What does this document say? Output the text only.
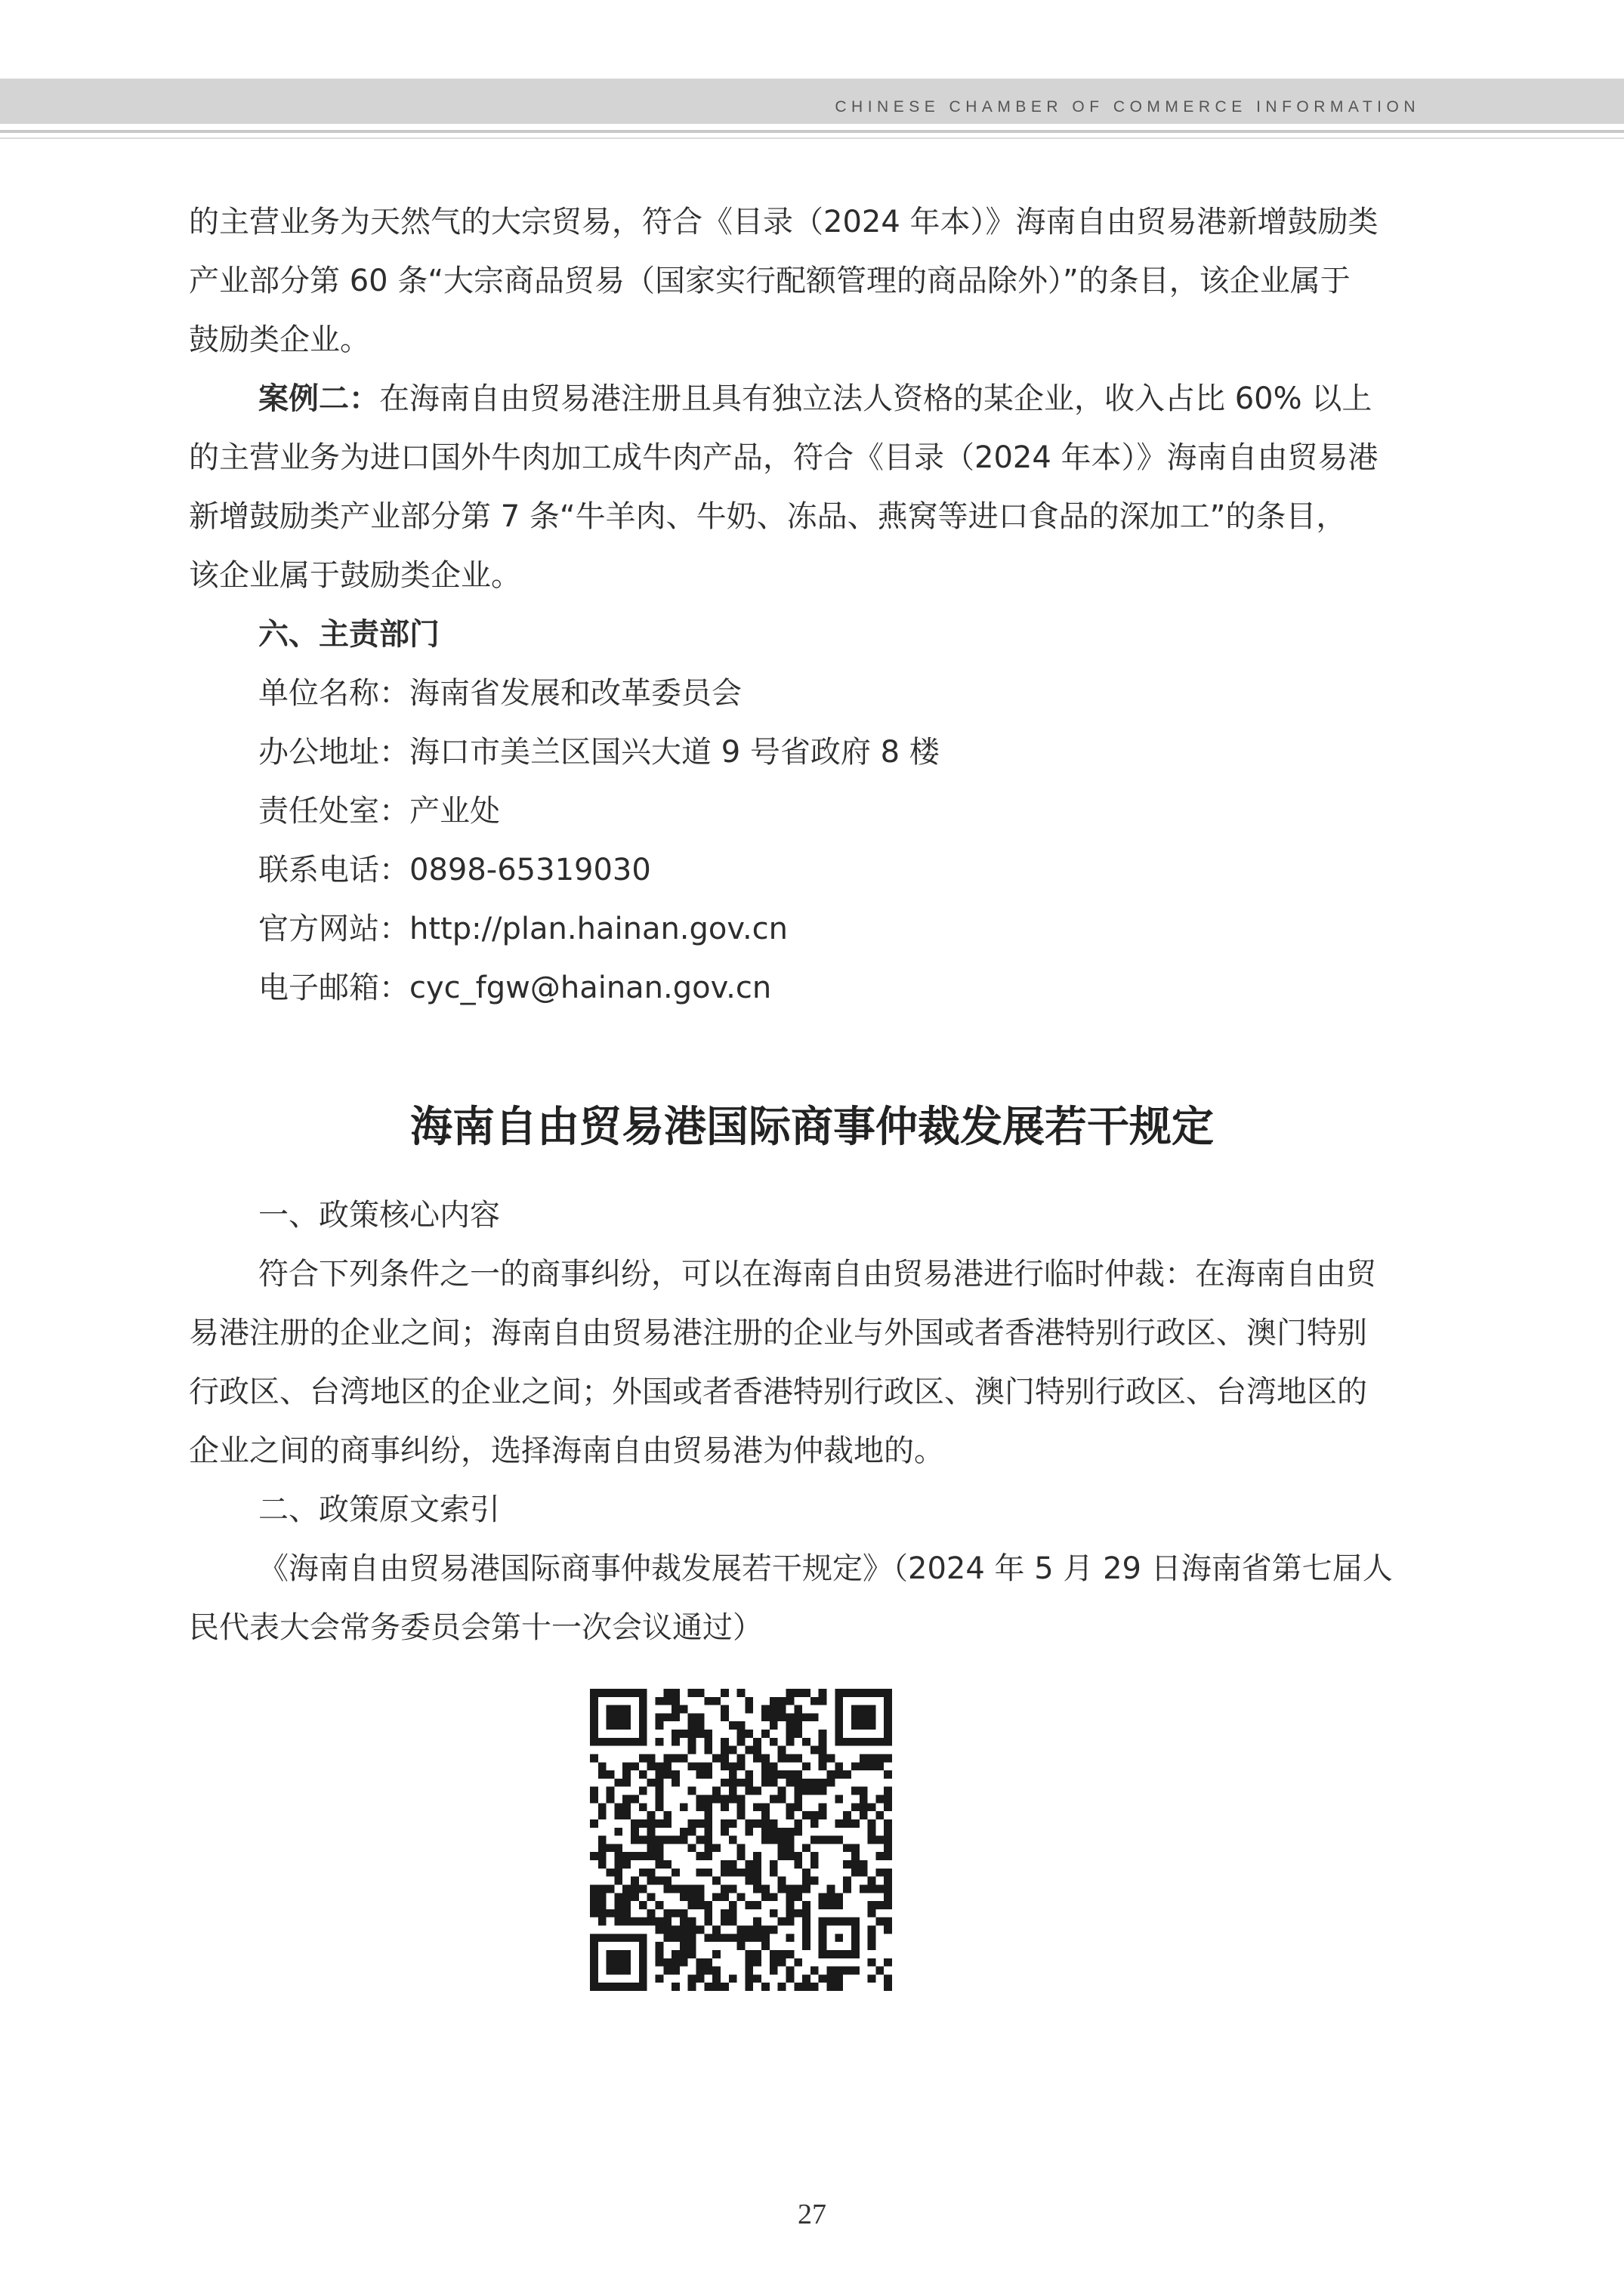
CHINESE CHAMBER OF COMMERCE INFORMATION

的主营业务为天然气的大宗贸易，符合《目录（2024 年本）》海南自由贸易港新增鼓励类

产业部分第 60 条“大宗商品贸易（国家实行配额管理的商品除外）”的条目，该企业属于

鼓励类企业。

案例二：在海南自由贸易港注册且具有独立法人资格的某企业，收入占比 60% 以上

的主营业务为进口国外牛肉加工成牛肉产品，符合《目录（2024 年本）》海南自由贸易港

新增鼓励类产业部分第 7 条“牛羊肉、牛奶、冻品、燕窝等进口食品的深加工”的条目，

该企业属于鼓励类企业。

六、主责部门

单位名称：海南省发展和改革委员会

办公地址：海口市美兰区国兴大道 9 号省政府 8 楼

责任处室：产业处

联系电话：0898-65319030

官方网站：http://plan.hainan.gov.cn

电子邮箱：cyc_fgw@hainan.gov.cn

海南自由贸易港国际商事仲裁发展若干规定

一、政策核心内容

符合下列条件之一的商事纠纷，可以在海南自由贸易港进行临时仲裁：在海南自由贸

易港注册的企业之间；海南自由贸易港注册的企业与外国或者香港特别行政区、澳门特别

行政区、台湾地区的企业之间；外国或者香港特别行政区、澳门特别行政区、台湾地区的

企业之间的商事纠纷，选择海南自由贸易港为仲裁地的。

二、政策原文索引

《海南自由贸易港国际商事仲裁发展若干规定》（2024 年 5 月 29 日海南省第七届人

民代表大会常务委员会第十一次会议通过）

27
